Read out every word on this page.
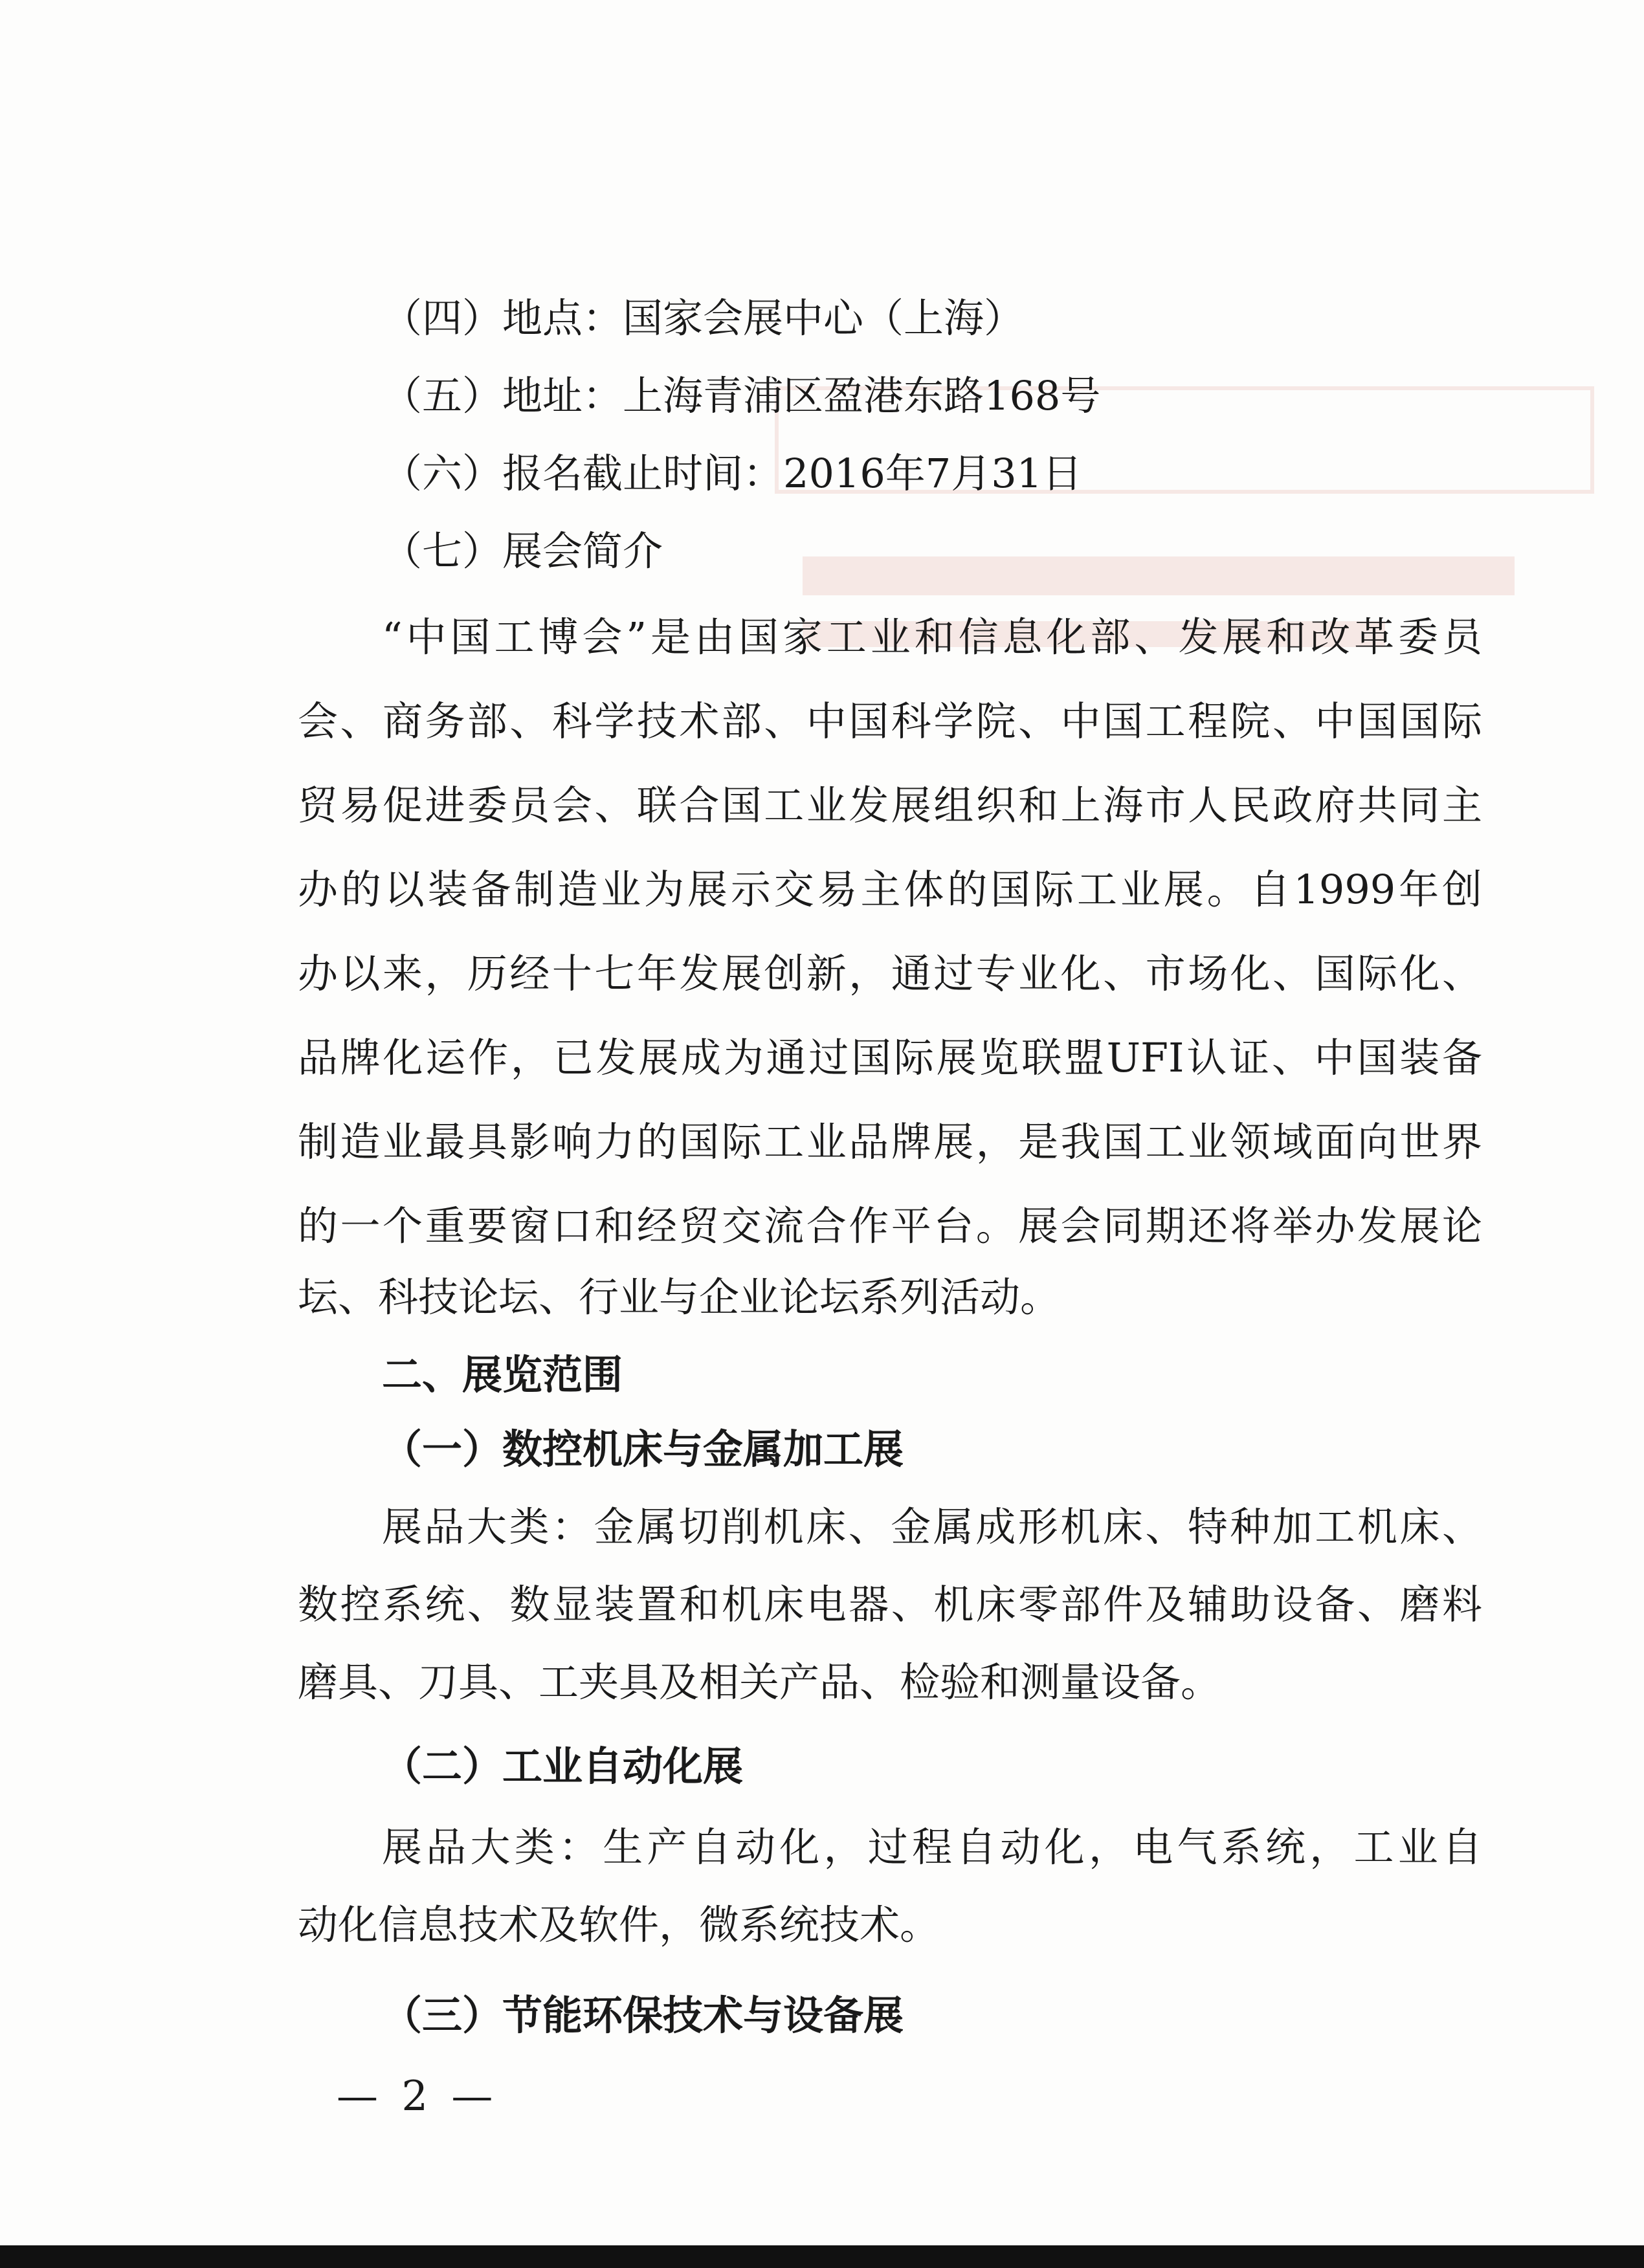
（四）地点：国家会展中心（上海）
（五）地址：上海青浦区盈港东路168号
（六）报名截止时间：2016年7月31日
（七）展会简介
“中国工博会”是由国家工业和信息化部、发展和改革委员
会、商务部、科学技术部、中国科学院、中国工程院、中国国际
贸易促进委员会、联合国工业发展组织和上海市人民政府共同主
办的以装备制造业为展示交易主体的国际工业展。自1999年创
办以来，历经十七年发展创新，通过专业化、市场化、国际化、
品牌化运作，已发展成为通过国际展览联盟UFI认证、中国装备
制造业最具影响力的国际工业品牌展，是我国工业领域面向世界
的一个重要窗口和经贸交流合作平台。展会同期还将举办发展论
坛、科技论坛、行业与企业论坛系列活动。
二、展览范围
（一）数控机床与金属加工展
展品大类：金属切削机床、金属成形机床、特种加工机床、
数控系统、数显装置和机床电器、机床零部件及辅助设备、磨料
磨具、刀具、工夹具及相关产品、检验和测量设备。
（二）工业自动化展
展品大类：生产自动化，过程自动化，电气系统，工业自
动化信息技术及软件，微系统技术。
（三）节能环保技术与设备展
— 2 —
